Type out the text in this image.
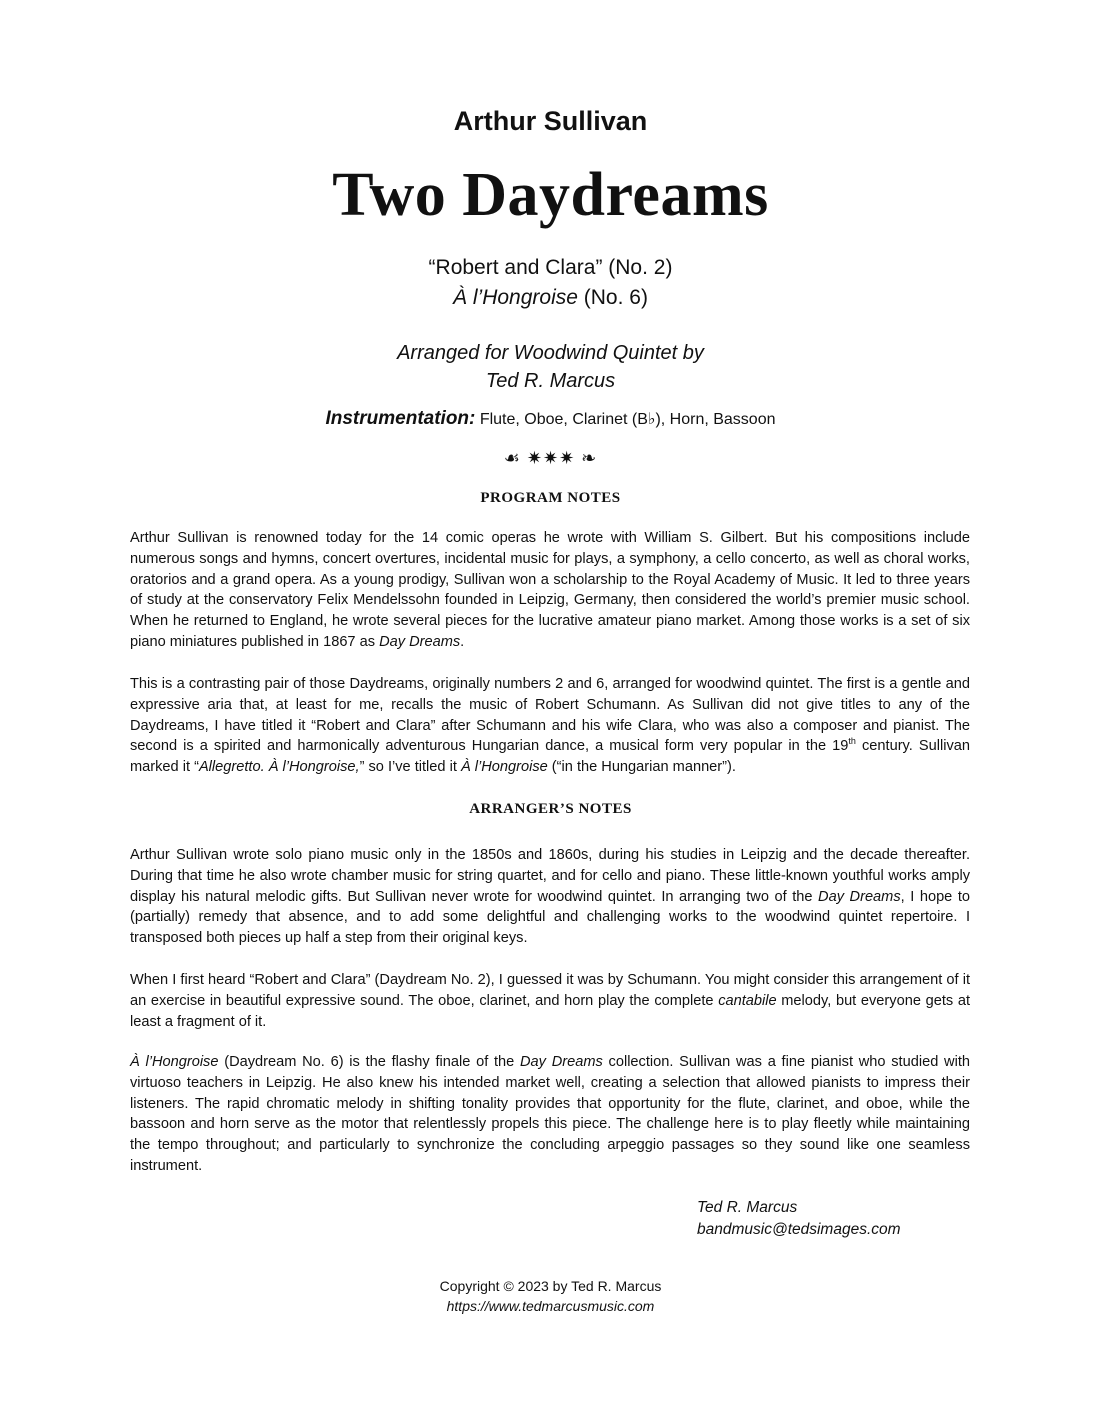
Arthur Sullivan
Two Daydreams
“Robert and Clara” (No. 2)
À l’Hongroise (No. 6)
Arranged for Woodwind Quintet by
Ted R. Marcus
Instrumentation: Flute, Oboe, Clarinet (B♭), Horn, Bassoon
☙ ✷✷✷ ❧
PROGRAM NOTES
Arthur Sullivan is renowned today for the 14 comic operas he wrote with William S. Gilbert. But his compositions include numerous songs and hymns, concert overtures, incidental music for plays, a symphony, a cello concerto, as well as choral works, oratorios and a grand opera. As a young prodigy, Sullivan won a scholarship to the Royal Academy of Music. It led to three years of study at the conservatory Felix Mendelssohn founded in Leipzig, Germany, then considered the world’s premier music school. When he returned to England, he wrote several pieces for the lucrative amateur piano market. Among those works is a set of six piano miniatures published in 1867 as Day Dreams.
This is a contrasting pair of those Daydreams, originally numbers 2 and 6, arranged for woodwind quintet. The first is a gentle and expressive aria that, at least for me, recalls the music of Robert Schumann. As Sullivan did not give titles to any of the Daydreams, I have titled it “Robert and Clara” after Schumann and his wife Clara, who was also a composer and pianist. The second is a spirited and harmonically adventurous Hungarian dance, a musical form very popular in the 19th century. Sullivan marked it “Allegretto. À l’Hongroise,” so I’ve titled it À l’Hongroise (“in the Hungarian manner”).
ARRANGER’S NOTES
Arthur Sullivan wrote solo piano music only in the 1850s and 1860s, during his studies in Leipzig and the decade thereafter. During that time he also wrote chamber music for string quartet, and for cello and piano. These little-known youthful works amply display his natural melodic gifts. But Sullivan never wrote for woodwind quintet. In arranging two of the Day Dreams, I hope to (partially) remedy that absence, and to add some delightful and challenging works to the woodwind quintet repertoire. I transposed both pieces up half a step from their original keys.
When I first heard “Robert and Clara” (Daydream No. 2), I guessed it was by Schumann. You might consider this arrangement of it an exercise in beautiful expressive sound. The oboe, clarinet, and horn play the complete cantabile melody, but everyone gets at least a fragment of it.
À l’Hongroise (Daydream No. 6) is the flashy finale of the Day Dreams collection. Sullivan was a fine pianist who studied with virtuoso teachers in Leipzig. He also knew his intended market well, creating a selection that allowed pianists to impress their listeners. The rapid chromatic melody in shifting tonality provides that opportunity for the flute, clarinet, and oboe, while the bassoon and horn serve as the motor that relentlessly propels this piece. The challenge here is to play fleetly while maintaining the tempo throughout; and particularly to synchronize the concluding arpeggio passages so they sound like one seamless instrument.
Ted R. Marcus
bandmusic@tedsimages.com
Copyright © 2023 by Ted R. Marcus
https://www.tedmarcusmusic.com
